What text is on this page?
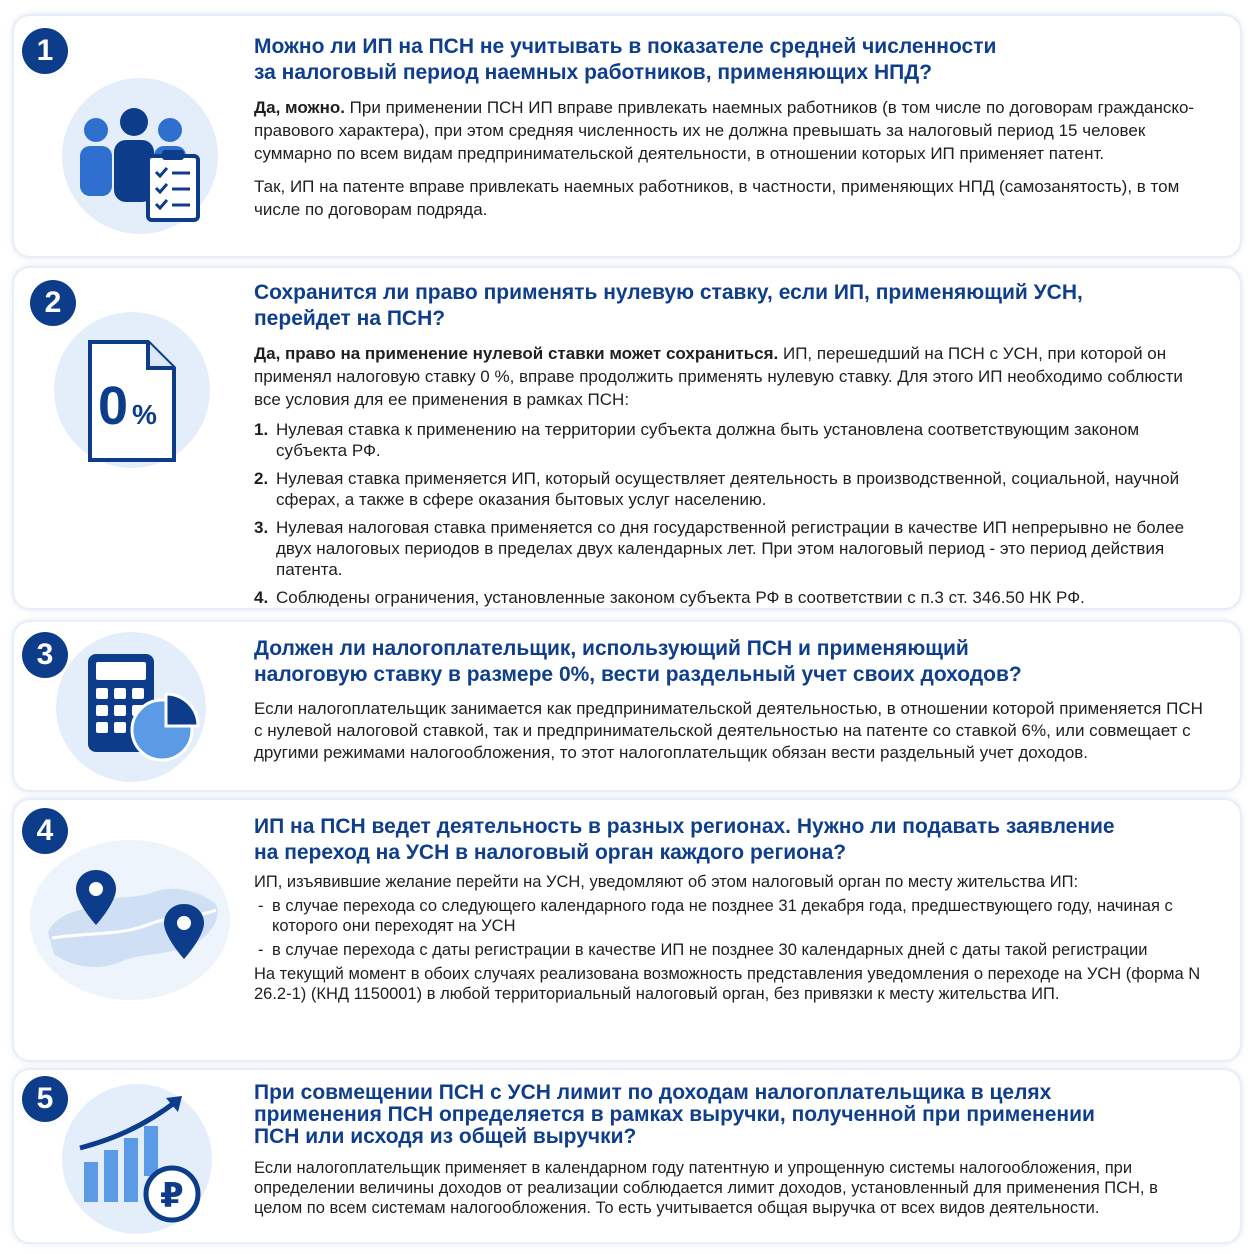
1	Можно ли ИП на ПСН не учитывать в показателе средней численности
за налоговый период наемных работников, применяющих НПД?
Да, можно. При применении ПСН ИП вправе привлекать наемных работников (в том числе по договорам гражданско-правового характера), при этом средняя численность их не должна превышать за налоговый период 15 человек суммарно по всем видам предпринимательской деятельности, в отношении которых ИП применяет патент.
Так, ИП на патенте вправе привлекать наемных работников, в частности, применяющих НПД (самозанятость), в том числе по договорам подряда.
2
0 %
Сохранится ли право применять нулевую ставку, если ИП, применяющий УСН,
перейдет на ПСН?
Да, право на применение нулевой ставки может сохраниться. ИП, перешедший на ПСН с УСН, при которой он применял налоговую ставку 0 %, вправе продолжить применять нулевую ставку. Для этого ИП необходимо соблюсти все условия для ее применения в рамках ПСН:
1. Нулевая ставка к применению на территории субъекта должна быть установлена соответствующим законом субъекта РФ.
2. Нулевая ставка применяется ИП, который осуществляет деятельность в производственной, социальной, научной сферах, а также в сфере оказания бытовых услуг населению.
3. Нулевая налоговая ставка применяется со дня государственной регистрации в качестве ИП непрерывно не более двух налоговых периодов в пределах двух календарных лет. При этом налоговый период - это период действия патента.
4. Соблюдены ограничения, установленные законом субъекта РФ в соответствии с п.3 ст. 346.50 НК РФ.
3	Должен ли налогоплательщик, использующий ПСН и применяющий
налоговую ставку в размере 0%, вести раздельный учет своих доходов?
Если налогоплательщик занимается как предпринимательской деятельностью, в отношении которой применяется ПСН с нулевой налоговой ставкой, так и предпринимательской деятельностью на патенте со ставкой 6%, или совмещает с другими режимами налогообложения, то этот налогоплательщик обязан вести раздельный учет доходов.
4	ИП на ПСН ведет деятельность в разных регионах. Нужно ли подавать заявление
на переход на УСН в налоговый орган каждого региона?
ИП, изъявившие желание перейти на УСН, уведомляют об этом налоговый орган по месту жительства ИП:
- в случае перехода со следующего календарного года не позднее 31 декабря года, предшествующего году, начиная с которого они переходят на УСН
- в случае перехода с даты регистрации в качестве ИП не позднее 30 календарных дней с даты такой регистрации
На текущий момент в обоих случаях реализована возможность представления уведомления о переходе на УСН (форма N 26.2-1) (КНД 1150001) в любой территориальный налоговый орган, без привязки к месту жительства ИП.
5
₽
При совмещении ПСН с УСН лимит по доходам налогоплательщика в целях
применения ПСН определяется в рамках выручки, полученной при применении
ПСН или исходя из общей выручки?
Если налогоплательщик применяет в календарном году патентную и упрощенную системы налогообложения, при определении величины доходов от реализации соблюдается лимит доходов, установленный для применения ПСН, в целом по всем системам налогообложения. То есть учитывается общая выручка от всех видов деятельности.
